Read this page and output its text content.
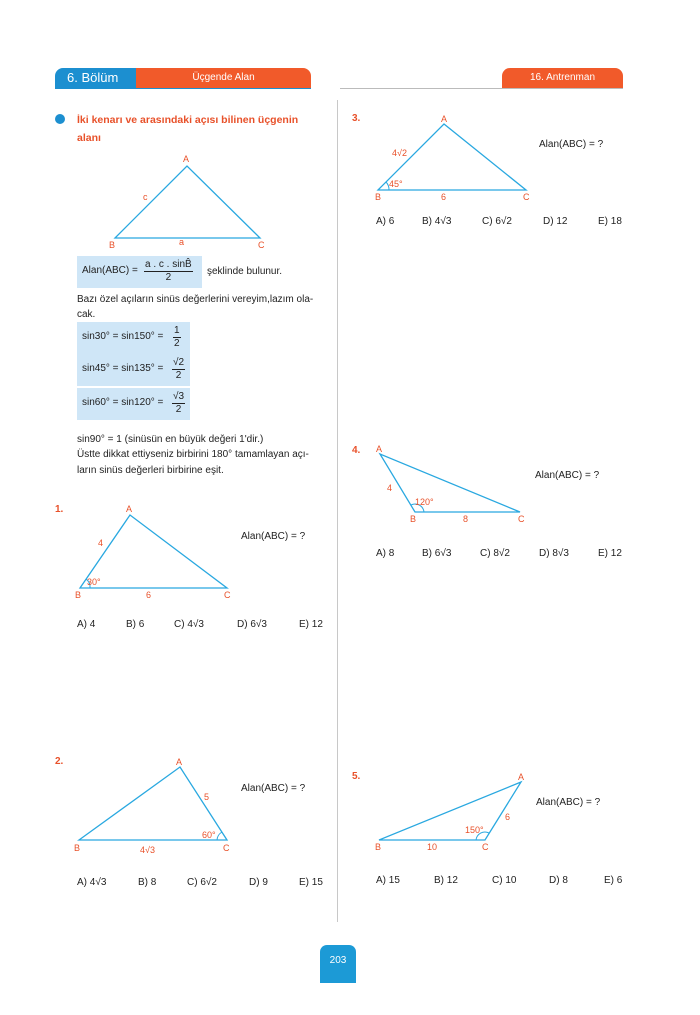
6. Bölüm	Üçgende Alan	16. Antrenman
İki kenarı ve arasındaki açısı bilinen üçgenin
alanı
A
B	C
c
a
Alan(ABC) = $\frac{a . c . \sin B̂}{2}$ şeklinde bulunur.
Bazı özel açıların sinüs değerlerini vereyim,lazım ola-
cak.
$\sin 30^\circ = \sin 150^\circ = \frac{1}{2}$
$\sin 45^\circ = \sin 135^\circ = \frac{√2}{2}$
$\sin 60^\circ = \sin 120^\circ = \frac{√3}{2}$
sin90° = 1 (sinüsün en büyük değeri 1'dir.)
Üstte dikkat ettiyseniz birbirini 180° tamamlayan açı-
ların sinüs değerleri birbirine eşit.
1.	A
B	C
4
6
30°
Alan(ABC) = ?
A) 4	B) 6	C) 4√3	D) 6√3	E) 12
2.	A
B	C
5
4√3
60°
Alan(ABC) = ?
A) 4√3	B) 8	C) 6√2	D) 9	E) 15
3.	A
B	C
4√2
6
45°
Alan(ABC) = ?
A) 6	B) 4√3	C) 6√2	D) 12	E) 18
4. A
B	C
4
8
120°
Alan(ABC) = ?
A) 8	B) 6√3	C) 8√2	D) 8√3	E) 12
5.	A
B	C
6
10
150°
Alan(ABC) = ?
A) 15	B) 12	C) 10	D) 8	E) 6
203
